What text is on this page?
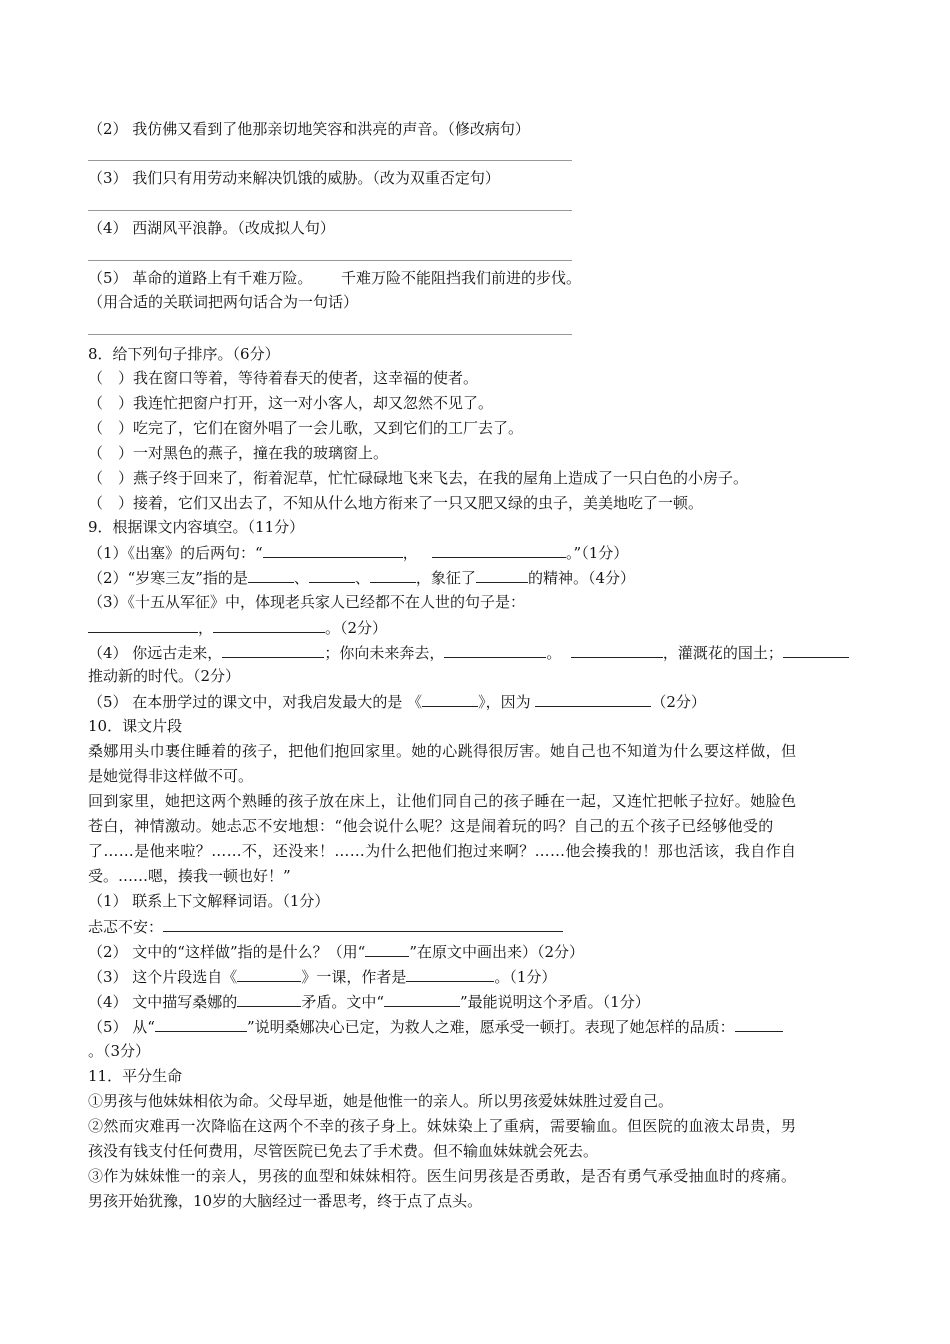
（2） 我仿佛又看到了他那亲切地笑容和洪亮的声音。（修改病句）
（3） 我们只有用劳动来解决饥饿的威胁。（改为双重否定句）
（4） 西湖风平浪静。（改成拟人句）
（5） 革命的道路上有千难万险。 千难万险不能阻挡我们前进的步伐。
（用合适的关联词把两句话合为一句话）
8．给下列句子排序。（6分）
（　）我在窗口等着，等待着春天的使者，这幸福的使者。
（　）我连忙把窗户打开，这一对小客人，却又忽然不见了。
（　）吃完了，它们在窗外唱了一会儿歌，又到它们的工厂去了。
（　）一对黑色的燕子，撞在我的玻璃窗上。
（　）燕子终于回来了，衔着泥草，忙忙碌碌地飞来飞去，在我的屋角上造成了一只白色的小房子。
（　）接着，它们又出去了，不知从什么地方衔来了一只又肥又绿的虫子，美美地吃了一顿。
9．根据课文内容填空。（11分）
（1）《出塞》的后两句：“	，	。”（1分）
（2）“岁寒三友”指的是	、	、	，象征了	的精神。（4分）
（3）《十五从军征》中，体现老兵家人已经都不在人世的句子是：
，	。（2分）
（4） 你远古走来，	；你向未来奔去，	。	，灌溉花的国土；
推动新的时代。（2分）
（5） 在本册学过的课文中，对我启发最大的是 《	》，因为	（2分）
10．课文片段
桑娜用头巾裹住睡着的孩子，把他们抱回家里。她的心跳得很厉害。她自己也不知道为什么要这样做，但
是她觉得非这样做不可。
回到家里，她把这两个熟睡的孩子放在床上，让他们同自己的孩子睡在一起，又连忙把帐子拉好。她脸色
苍白，神情激动。她忐忑不安地想：“他会说什么呢？这是闹着玩的吗？自己的五个孩子已经够他受的
了……是他来啦？……不，还没来！……为什么把他们抱过来啊？……他会揍我的！那也活该，我自作自
受。……嗯，揍我一顿也好！”
（1） 联系上下文解释词语。（1分）
忐忑不安：
（2） 文中的“这样做”指的是什么？（用“	”在原文中画出来）（2分）
（3） 这个片段选自《	》一课，作者是	。（1分）
（4） 文中描写桑娜的	矛盾。文中“	”最能说明这个矛盾。（1分）
（5） 从“	”说明桑娜决心已定，为救人之难，愿承受一顿打。表现了她怎样的品质：
。（3分）
11．平分生命
①男孩与他妹妹相依为命。父母早逝，她是他惟一的亲人。所以男孩爱妹妹胜过爱自己。
②然而灾难再一次降临在这两个不幸的孩子身上。妹妹染上了重病，需要输血。但医院的血液太昂贵，男
孩没有钱支付任何费用，尽管医院已免去了手术费。但不输血妹妹就会死去。
③作为妹妹惟一的亲人，男孩的血型和妹妹相符。医生问男孩是否勇敢，是否有勇气承受抽血时的疼痛。
男孩开始犹豫，10岁的大脑经过一番思考，终于点了点头。
